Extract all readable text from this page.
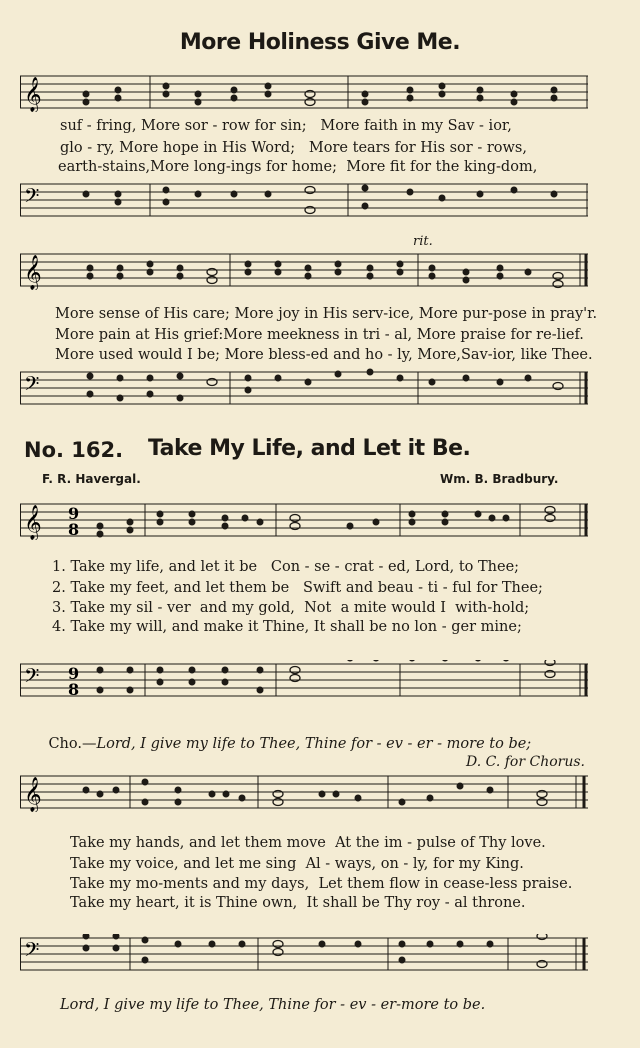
More Holiness Give Me.
𝄞
suf - fring, More sor - row for sin;   More faith in my Sav - ior,
glo - ry, More hope in His Word;   More tears for His sor - rows,
earth-stains,More long-ings for home;  More fit for the king-dom,
𝄢
rit.
𝄞
More sense of His care; More joy in His serv-ice, More pur-pose in pray'r.
More pain at His grief:More meekness in tri - al, More praise for re-lief.
More used would I be; More bless-ed and ho - ly, More,Sav-ior, like Thee.
𝄢
No. 162. Take My Life, and Let it Be.
F. R. Havergal.	Wm. B. Bradbury.
𝄞 9
8
1. Take my life, and let it be   Con - se - crat - ed, Lord, to Thee;
2. Take my feet, and let them be   Swift and beau - ti - ful for Thee;
3. Take my sil - ver  and my gold,  Not  a mite would I  with-hold;
4. Take my will, and make it Thine, It shall be no lon - ger mine;
𝄢 9
8

Cho.—Lord, I give my life to Thee, Thine for - ev - er - more to be;

D. C. for Chorus.
𝄞
Take my hands, and let them move  At the im - pulse of Thy love.
Take my voice, and let me sing  Al - ways, on - ly, for my King.
Take my mo-ments and my days,  Let them flow in cease-less praise.
Take my heart, it is Thine own,  It shall be Thy roy - al throne.
𝄢
Lord, I give my life to Thee, Thine for - ev - er-more to be.
